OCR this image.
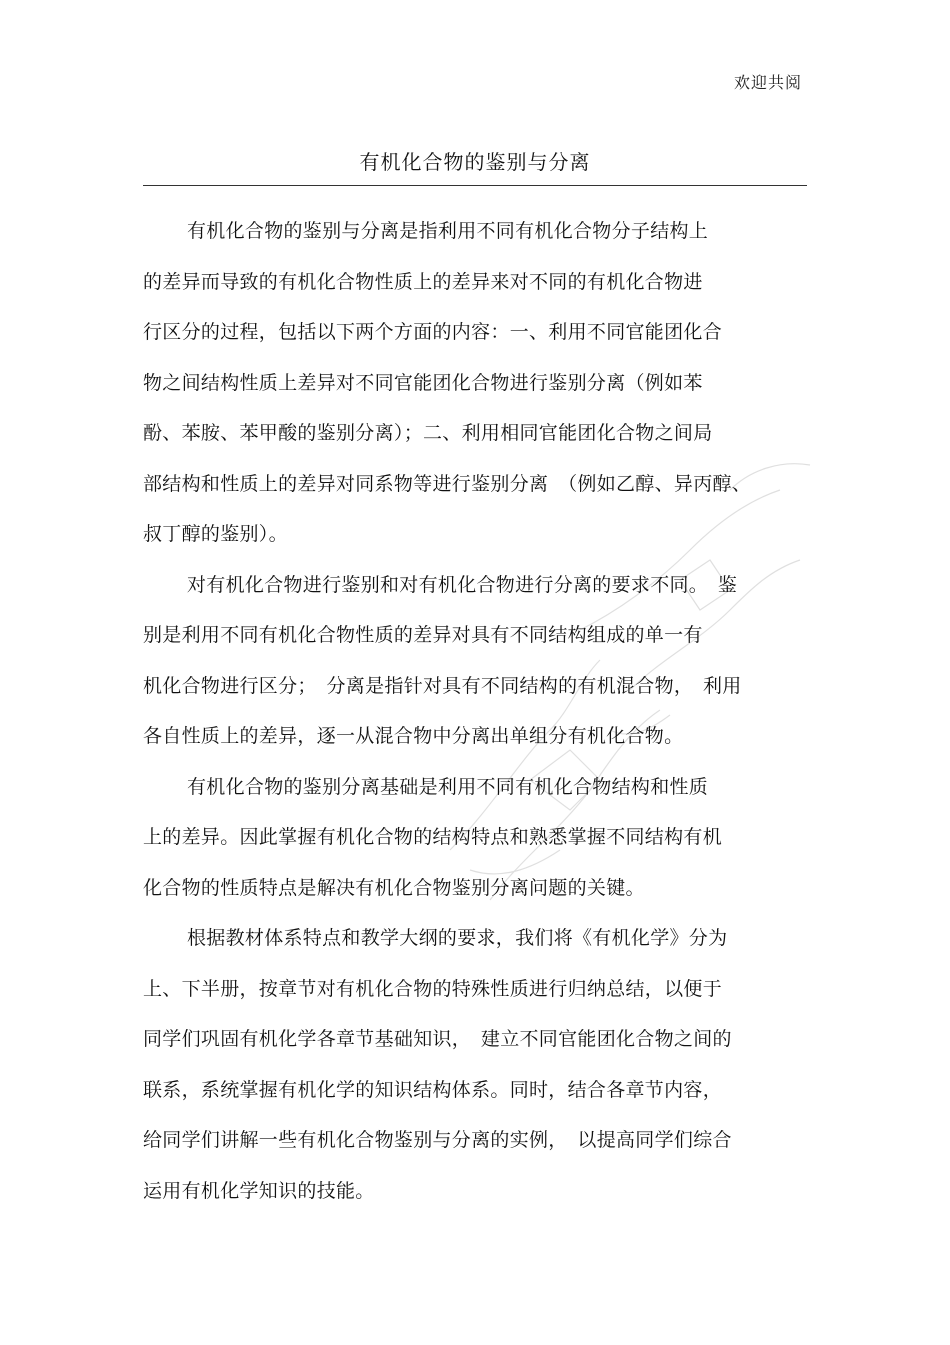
欢迎共阅
有机化合物的鉴别与分离
有机化合物的鉴别与分离是指利用不同有机化合物分子结构上
的差异而导致的有机化合物性质上的差异来对不同的有机化合物进
行区分的过程，包括以下两个方面的内容：一、利用不同官能团化合
物之间结构性质上差异对不同官能团化合物进行鉴别分离（例如苯
酚、苯胺、苯甲酸的鉴别分离）；二、利用相同官能团化合物之间局
部结构和性质上的差异对同系物等进行鉴别分离　（例如乙醇、异丙醇、
叔丁醇的鉴别）。
对有机化合物进行鉴别和对有机化合物进行分离的要求不同。　鉴
别是利用不同有机化合物性质的差异对具有不同结构组成的单一有
机化合物进行区分；　分离是指针对具有不同结构的有机混合物，　利用
各自性质上的差异，逐一从混合物中分离出单组分有机化合物。
有机化合物的鉴别分离基础是利用不同有机化合物结构和性质
上的差异。因此掌握有机化合物的结构特点和熟悉掌握不同结构有机
化合物的性质特点是解决有机化合物鉴别分离问题的关键。
根据教材体系特点和教学大纲的要求，我们将《有机化学》分为
上、下半册，按章节对有机化合物的特殊性质进行归纳总结，以便于
同学们巩固有机化学各章节基础知识，　建立不同官能团化合物之间的
联系，系统掌握有机化学的知识结构体系。同时，结合各章节内容，
给同学们讲解一些有机化合物鉴别与分离的实例，　以提高同学们综合
运用有机化学知识的技能。
